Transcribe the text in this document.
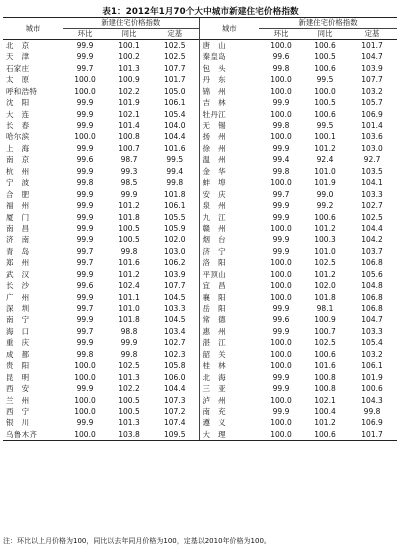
表1：2012年1月70个大中城市新建住宅价格指数
城市	新建住宅价格指数			城市	新建住宅价格指数		
	环比	同比	定基		环比	同比	定基
北　京	99.9	100.1	102.5	唐　山	100.0	100.6	101.7
天　津	99.9	100.2	102.5	秦皇岛	99.6	100.5	104.7
石家庄	99.7	101.3	107.7	包　头	99.8	100.6	103.9
太　原	100.0	100.9	101.7	丹　东	100.0	99.5	107.7
呼和浩特	100.0	102.2	105.0	锦　州	100.0	100.0	103.2
沈　阳	99.9	101.9	106.1	吉　林	99.9	100.5	105.7
大　连	99.9	102.1	105.4	牡丹江	100.0	100.6	106.9
长　春	99.9	101.4	104.0	无　锡	99.8	99.5	101.4
哈尔滨	100.0	100.8	104.4	扬　州	100.0	100.1	103.6
上　海	99.9	100.7	101.6	徐　州	99.9	101.2	103.0
南　京	99.6	98.7	99.5	温　州	99.4	92.4	92.7
杭　州	99.9	99.3	99.4	金　华	99.8	101.0	103.5
宁　波	99.8	98.5	99.8	蚌　埠	100.0	101.9	104.1
合　肥	99.9	99.9	101.8	安　庆	99.7	99.0	103.3
福　州	99.9	101.2	106.1	泉　州	99.9	99.2	102.7
厦　门	99.9	101.8	105.5	九　江	99.9	100.6	102.5
南　昌	99.9	100.5	105.9	赣　州	100.0	101.2	104.4
济　南	99.9	100.5	102.0	烟　台	99.9	100.3	104.2
青　岛	99.7	99.8	103.0	济　宁	99.9	101.0	103.7
郑　州	99.7	101.6	106.2	洛　阳	100.0	102.5	106.8
武　汉	99.9	101.2	103.9	平顶山	100.0	101.2	105.6
长　沙	99.6	102.4	107.7	宜　昌	100.0	102.0	104.8
广　州	99.9	101.1	104.5	襄　阳	100.0	101.8	106.8
深　圳	99.7	101.0	103.3	岳　阳	99.9	98.1	106.8
南　宁	99.9	101.8	104.5	常　德	99.6	100.9	104.7
海　口	99.7	98.8	103.4	惠　州	99.9	100.7	103.3
重　庆	99.9	99.9	102.7	湛　江	100.0	102.5	105.4
成　都	99.8	99.8	102.3	韶　关	100.0	100.6	103.2
贵　阳	100.0	102.5	105.8	桂　林	100.0	101.6	106.1
昆　明	100.0	101.3	106.0	北　海	99.9	100.8	101.9
西　安	99.9	102.2	104.4	三　亚	99.9	100.8	100.6
兰　州	100.0	100.5	107.3	泸　州	100.0	102.1	104.3
西　宁	100.0	100.5	107.2	南　充	99.9	100.4	99.8
银　川	99.9	101.3	107.4	遵　义	100.0	101.2	106.9
乌鲁木齐	100.0	103.8	109.5	大　理	100.0	100.6	101.7
注：环比以上月价格为100，同比以去年同月价格为100，定基以2010年价格为100。
